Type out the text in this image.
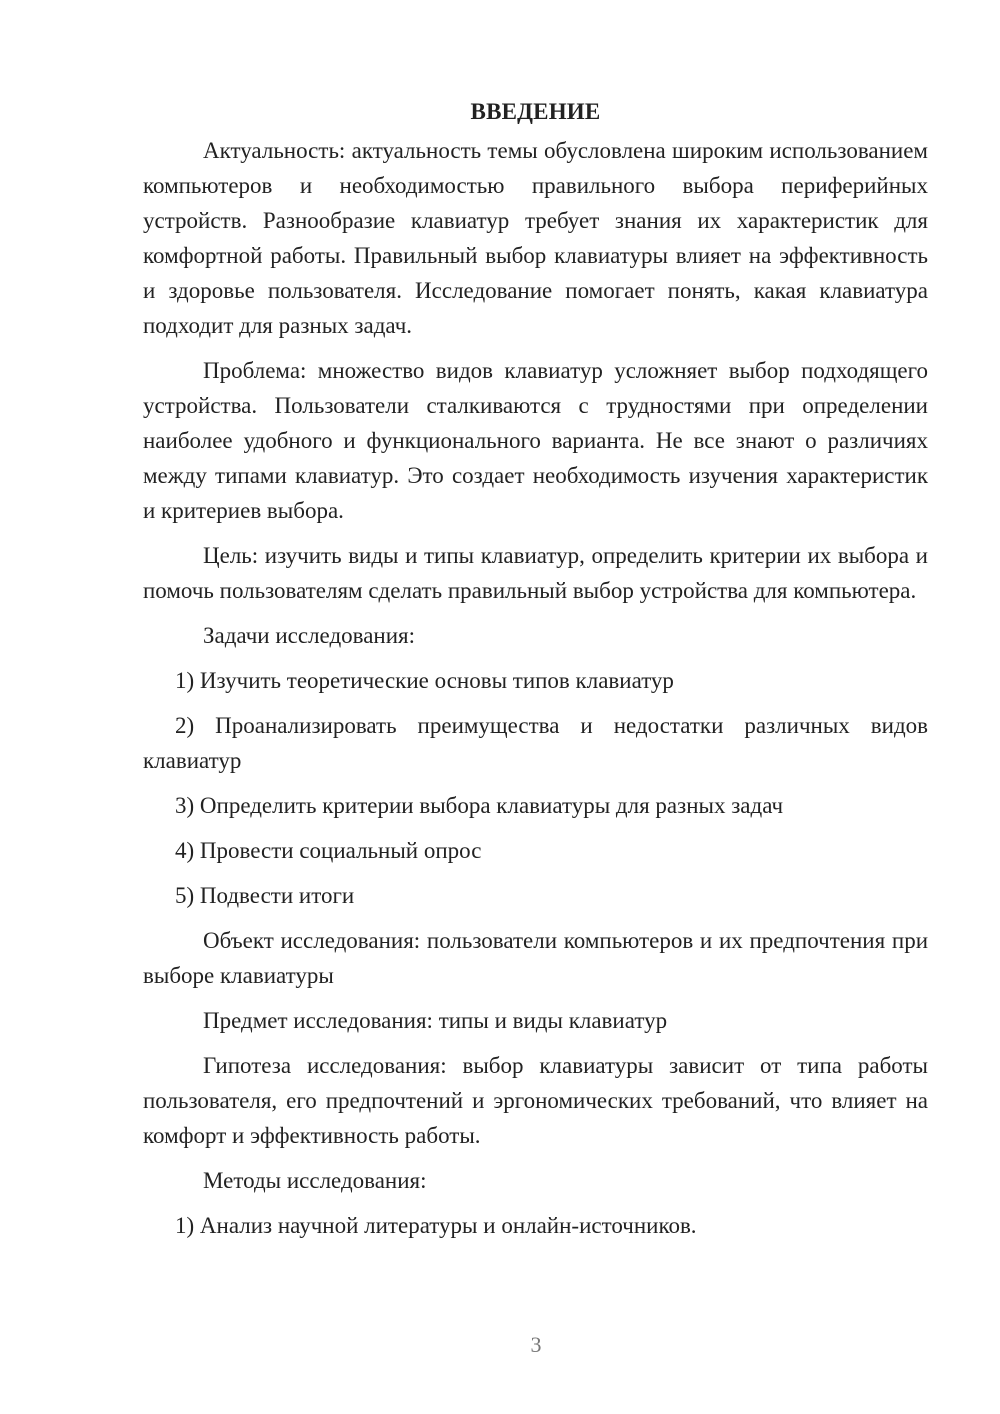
ВВЕДЕНИЕ

Актуальность: актуальность темы обусловлена широким использованием компьютеров и необходимостью правильного выбора периферийных устройств. Разнообразие клавиатур требует знания их характеристик для комфортной работы. Правильный выбор клавиатуры влияет на эффективность и здоровье пользователя. Исследование помогает понять, какая клавиатура подходит для разных задач.

Проблема: множество видов клавиатур усложняет выбор подходящего устройства. Пользователи сталкиваются с трудностями при определении наиболее удобного и функционального варианта. Не все знают о различиях между типами клавиатур. Это создает необходимость изучения характеристик и критериев выбора.

Цель: изучить виды и типы клавиатур, определить критерии их выбора и помочь пользователям сделать правильный выбор устройства для компьютера.

Задачи исследования:

1) Изучить теоретические основы типов клавиатур

2) Проанализировать преимущества и недостатки различных видов клавиатур

3) Определить критерии выбора клавиатуры для разных задач

4) Провести социальный опрос

5) Подвести итоги

Объект исследования: пользователи компьютеров и их предпочтения при выборе клавиатуры

Предмет исследования: типы и виды клавиатур

Гипотеза исследования: выбор клавиатуры зависит от типа работы пользователя, его предпочтений и эргономических требований, что влияет на комфорт и эффективность работы.

Методы исследования:

1) Анализ научной литературы и онлайн-источников.

3
